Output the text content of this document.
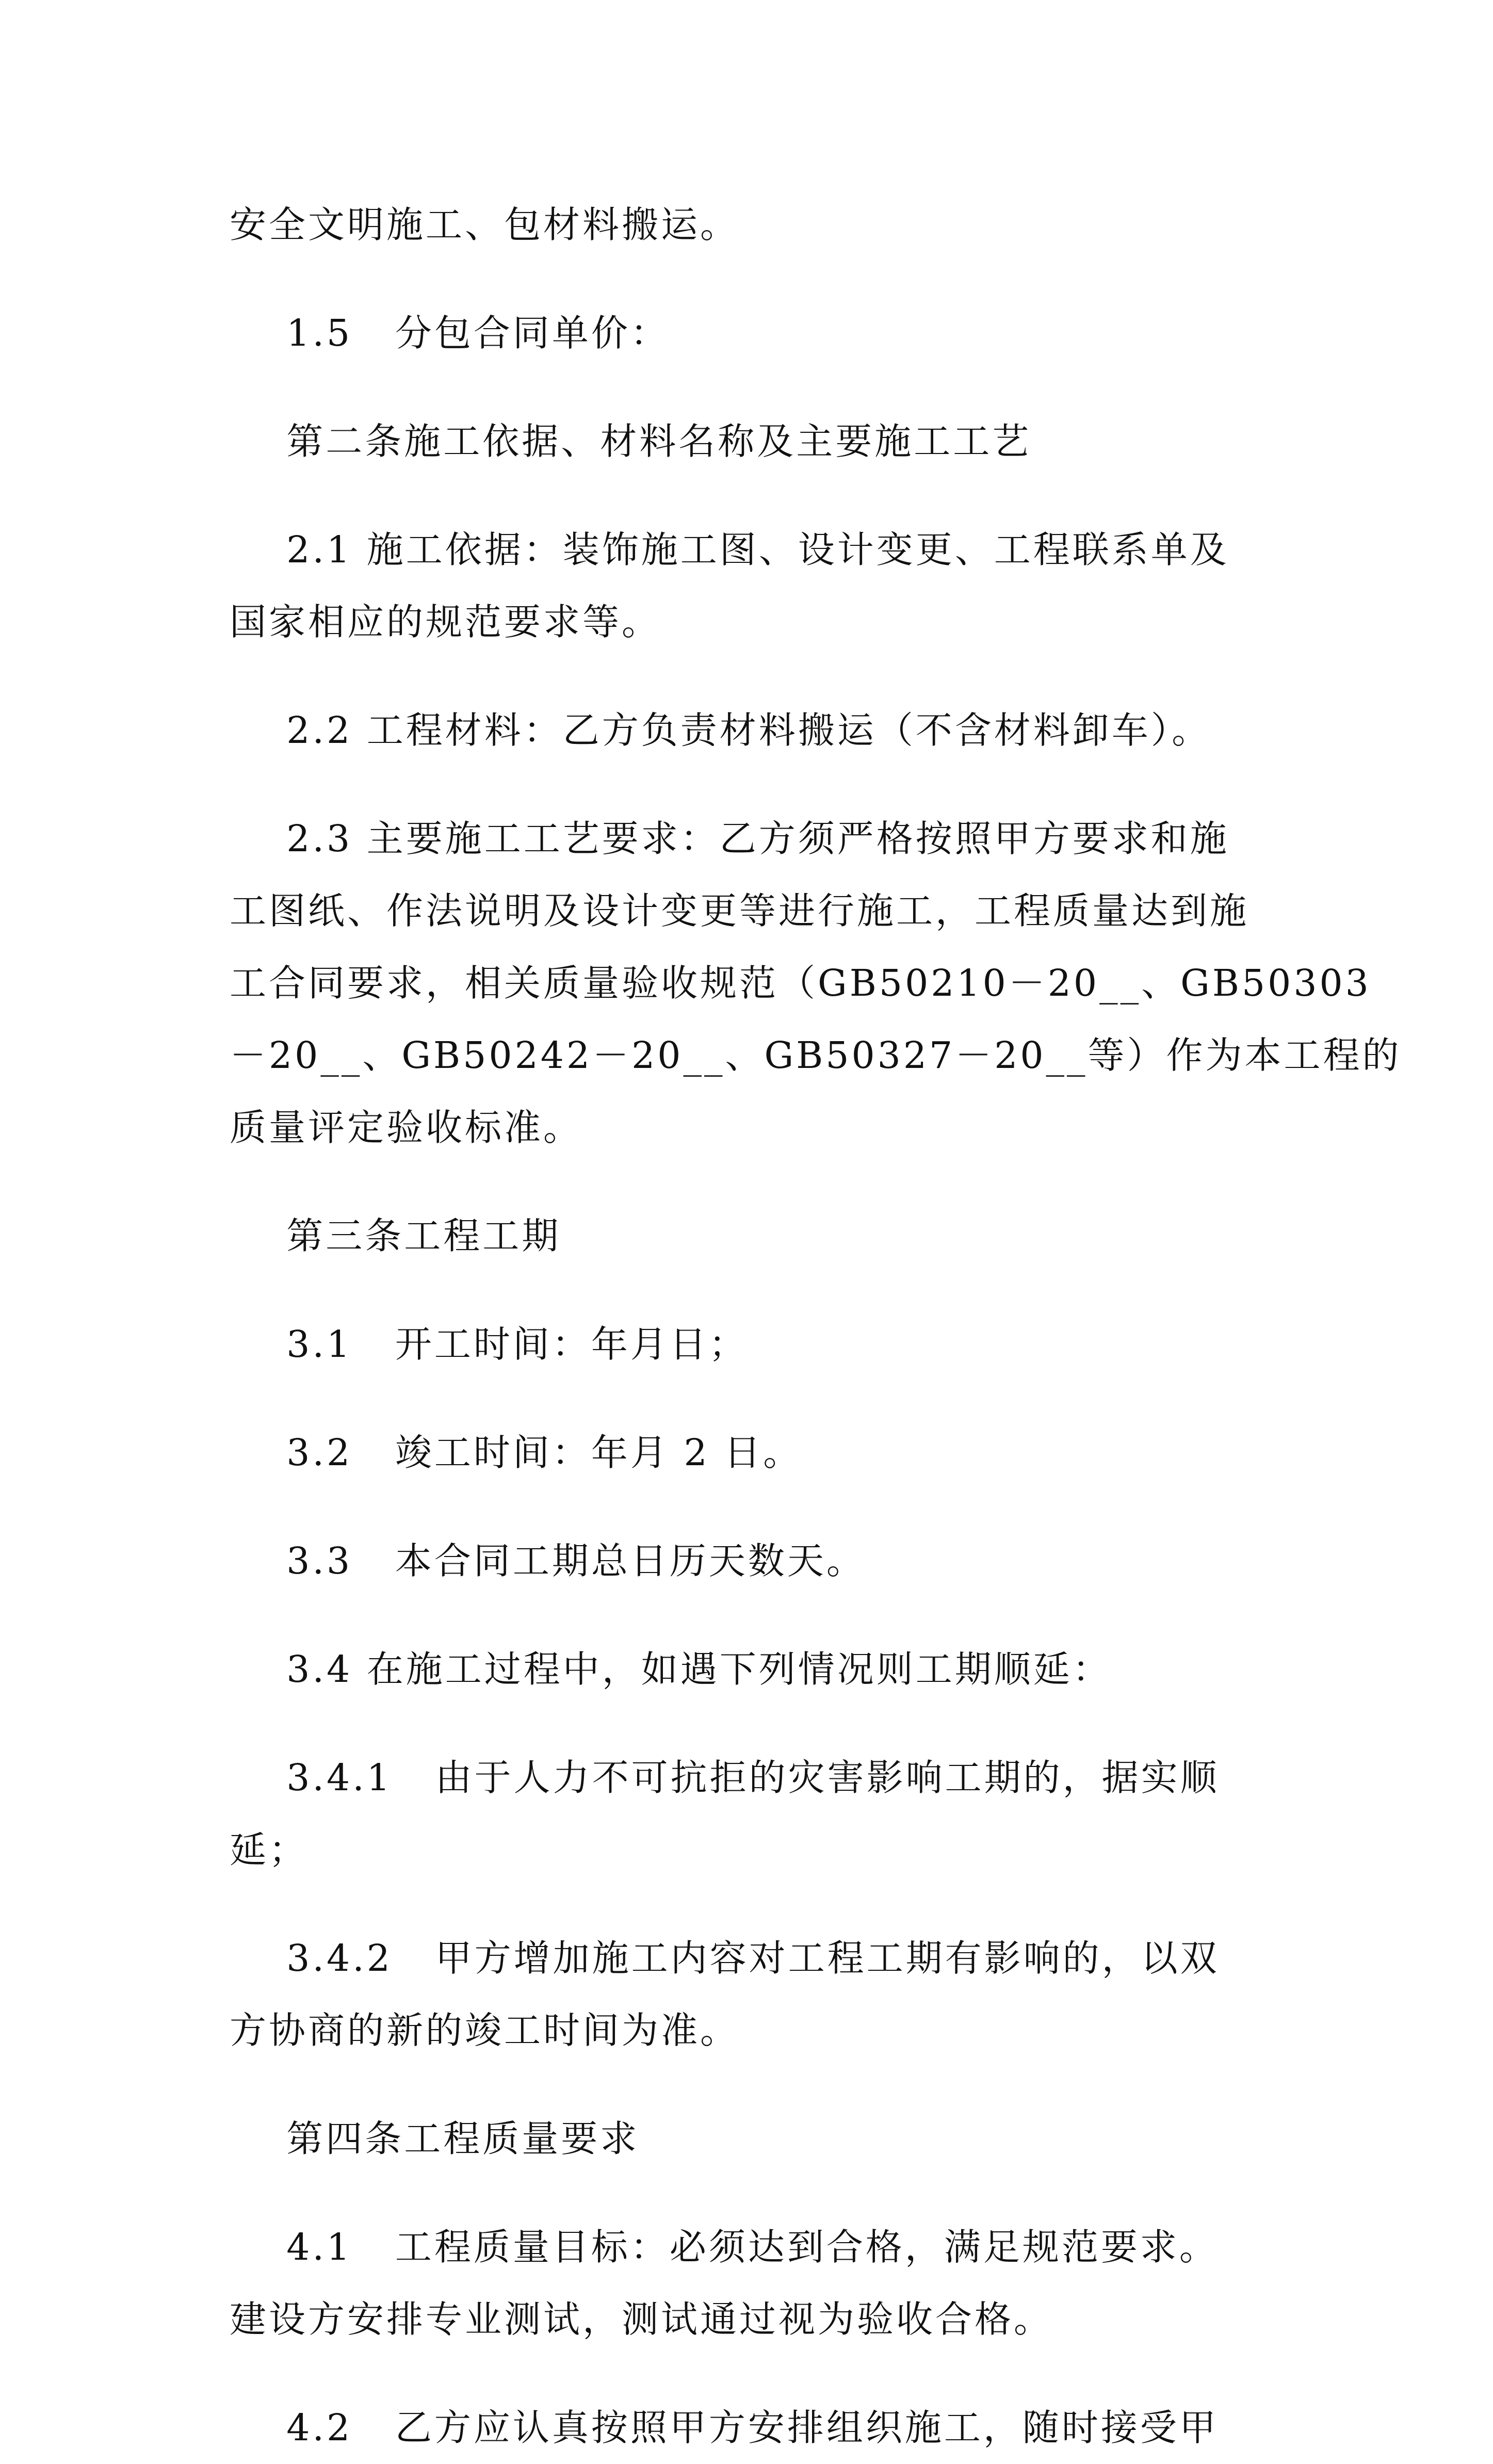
安全文明施工、包材料搬运。
1.5   分包合同单价：
第二条施工依据、材料名称及主要施工工艺
2.1 施工依据：装饰施工图、设计变更、工程联系单及
国家相应的规范要求等。
2.2 工程材料：乙方负责材料搬运（不含材料卸车）。
2.3 主要施工工艺要求：乙方须严格按照甲方要求和施
工图纸、作法说明及设计变更等进行施工，工程质量达到施
工合同要求，相关质量验收规范（GB50210－20__、GB50303
－20__、GB50242－20__、GB50327－20__等）作为本工程的
质量评定验收标准。
第三条工程工期
3.1   开工时间：年月日；
3.2   竣工时间：年月 2 日。
3.3   本合同工期总日历天数天。
3.4 在施工过程中，如遇下列情况则工期顺延：
3.4.1   由于人力不可抗拒的灾害影响工期的，据实顺
延；
3.4.2   甲方增加施工内容对工程工期有影响的，以双
方协商的新的竣工时间为准。
第四条工程质量要求
4.1   工程质量目标：必须达到合格，满足规范要求。
建设方安排专业测试，测试通过视为验收合格。
4.2   乙方应认真按照甲方安排组织施工，随时接受甲
